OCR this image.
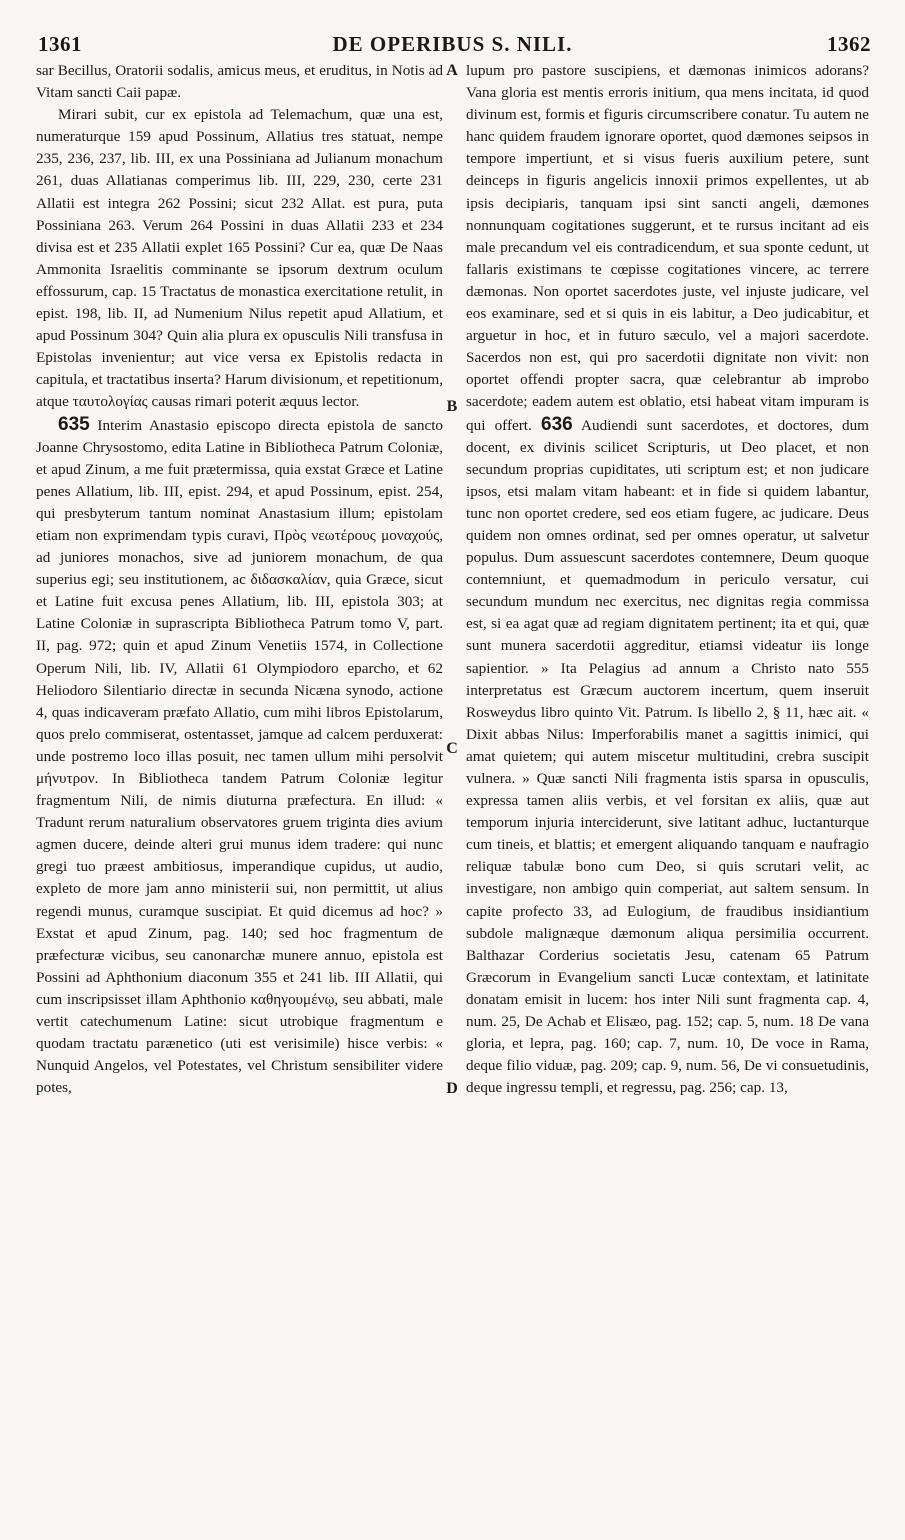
1361	DE OPERIBUS S. NILI.	1362
A
B
C
D

sar Becillus, Oratorii sodalis, amicus meus, et eruditus, in Notis ad Vitam sancti Caii papæ.

Mirari subit, cur ex epistola ad Telemachum, quæ una est, numeraturque 159 apud Possinum, Allatius tres statuat, nempe 235, 236, 237, lib. III, ex una Possiniana ad Julianum monachum 261, duas Allatianas comperimus lib. III, 229, 230, certe 231 Allatii est integra 262 Possini; sicut 232 Allat. est pura, puta Possiniana 263. Verum 264 Possini in duas Allatii 233 et 234 divisa est et 235 Allatii explet 165 Possini? Cur ea, quæ De Naas Ammonita Israelitis comminante se ipsorum dextrum oculum effossurum, cap. 15 Tractatus de monastica exercitatione retulit, in epist. 198, lib. II, ad Numenium Nilus repetit apud Allatium, et apud Possinum 304? Quin alia plura ex opusculis Nili transfusa in Epistolas invenientur; aut vice versa ex Epistolis redacta in capitula, et tractatibus inserta? Harum divisionum, et repetitionum, atque ταυτολογίας causas rimari poterit æquus lector.

635 Interim Anastasio episcopo directa epistola de sancto Joanne Chrysostomo, edita Latine in Bibliotheca Patrum Coloniæ, et apud Zinum, a me fuit prætermissa, quia exstat Græce et Latine penes Allatium, lib. III, epist. 294, et apud Possinum, epist. 254, qui presbyterum tantum nominat Anastasium illum; epistolam etiam non exprimendam typis curavi, Πρὸς νεωτέρους μοναχούς, ad juniores monachos, sive ad juniorem monachum, de qua superius egi; seu institutionem, ac διδασκαλίαν, quia Græce, sicut et Latine fuit excusa penes Allatium, lib. III, epistola 303; at Latine Coloniæ in suprascripta Bibliotheca Patrum tomo V, part. II, pag. 972; quin et apud Zinum Venetiis 1574, in Collectione Operum Nili, lib. IV, Allatii 61 Olympiodoro eparcho, et 62 Heliodoro Silentiario directæ in secunda Nicæna synodo, actione 4, quas indicaveram præfato Allatio, cum mihi libros Epistolarum, quos prelo commiserat, ostentasset, jamque ad calcem perduxerat: unde postremo loco illas posuit, nec tamen ullum mihi persolvit μήνυτρον. In Bibliotheca tandem Patrum Coloniæ legitur fragmentum Nili, de nimis diuturna præfectura. En illud: « Tradunt rerum naturalium observatores gruem triginta dies avium agmen ducere, deinde alteri grui munus idem tradere: qui nunc gregi tuo præest ambitiosus, imperandique cupidus, ut audio, expleto de more jam anno ministerii sui, non permittit, ut alius regendi munus, curamque suscipiat. Et quid dicemus ad hoc? » Exstat et apud Zinum, pag. 140; sed hoc fragmentum de præfecturæ vicibus, seu canonarchæ munere annuo, epistola est Possini ad Aphthonium diaconum 355 et 241 lib. III Allatii, qui cum inscripsisset illam Aphthonio καθηγουμένῳ, seu abbati, male vertit catechumenum Latine: sicut utrobique fragmentum e quodam tractatu parænetico (uti est verisimile) hisce verbis: « Nunquid Angelos, vel Potestates, vel Christum sensibiliter videre potes,

lupum pro pastore suscipiens, et dæmonas inimicos adorans? Vana gloria est mentis erroris initium, qua mens incitata, id quod divinum est, formis et figuris circumscribere conatur. Tu autem ne hanc quidem fraudem ignorare oportet, quod dæmones seipsos in tempore impertiunt, et si visus fueris auxilium petere, sunt deinceps in figuris angelicis innoxii primos expellentes, ut ab ipsis decipiaris, tanquam ipsi sint sancti angeli, dæmones nonnunquam cogitationes suggerunt, et te rursus incitant ad eis male precandum vel eis contradicendum, et sua sponte cedunt, ut fallaris existimans te cœpisse cogitationes vincere, ac terrere dæmonas. Non oportet sacerdotes juste, vel injuste judicare, vel eos examinare, sed et si quis in eis labitur, a Deo judicabitur, et arguetur in hoc, et in futuro sæculo, vel a majori sacerdote. Sacerdos non est, qui pro sacerdotii dignitate non vivit: non oportet offendi propter sacra, quæ celebrantur ab improbo sacerdote; eadem autem est oblatio, etsi habeat vitam impuram is qui offert. 636 Audiendi sunt sacerdotes, et doctores, dum docent, ex divinis scilicet Scripturis, ut Deo placet, et non secundum proprias cupiditates, uti scriptum est; et non judicare ipsos, etsi malam vitam habeant: et in fide si quidem labantur, tunc non oportet credere, sed eos etiam fugere, ac judicare. Deus quidem non omnes ordinat, sed per omnes operatur, ut salvetur populus. Dum assuescunt sacerdotes contemnere, Deum quoque contemniunt, et quemadmodum in periculo versatur, cui secundum mundum nec exercitus, nec dignitas regia commissa est, si ea agat quæ ad regiam dignitatem pertinent; ita et qui, quæ sunt munera sacerdotii aggreditur, etiamsi videatur iis longe sapientior. » Ita Pelagius ad annum a Christo nato 555 interpretatus est Græcum auctorem incertum, quem inseruit Rosweydus libro quinto Vit. Patrum. Is libello 2, § 11, hæc ait. « Dixit abbas Nilus: Imperforabilis manet a sagittis inimici, qui amat quietem; qui autem miscetur multitudini, crebra suscipit vulnera. » Quæ sancti Nili fragmenta istis sparsa in opusculis, expressa tamen aliis verbis, et vel forsitan ex aliis, quæ aut temporum injuria interciderunt, sive latitant adhuc, luctanturque cum tineis, et blattis; et emergent aliquando tanquam e naufragio reliquæ tabulæ bono cum Deo, si quis scrutari velit, ac investigare, non ambigo quin comperiat, aut saltem sensum. In capite profecto 33, ad Eulogium, de fraudibus insidiantium subdole malignæque dæmonum aliqua persimilia occurrent. Balthazar Corderius societatis Jesu, catenam 65 Patrum Græcorum in Evangelium sancti Lucæ contextam, et latinitate donatam emisit in lucem: hos inter Nili sunt fragmenta cap. 4, num. 25, De Achab et Elisæo, pag. 152; cap. 5, num. 18 De vana gloria, et lepra, pag. 160; cap. 7, num. 10, De voce in Rama, deque filio viduæ, pag. 209; cap. 9, num. 56, De vi consuetudinis, deque ingressu templi, et regressu, pag. 256; cap. 13,
